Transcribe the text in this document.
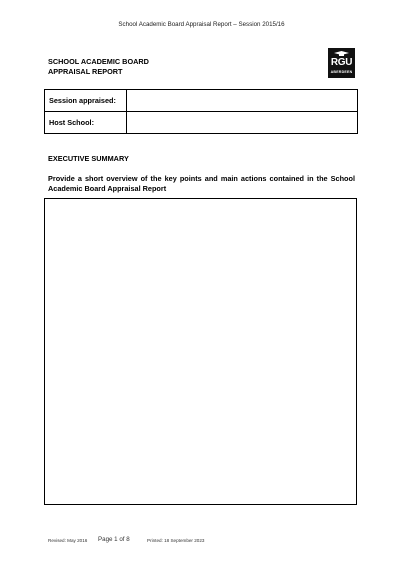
School Academic Board Appraisal Report – Session 2015/16
SCHOOL ACADEMIC BOARD
APPRAISAL REPORT
RGU
ABERDEEN
Session appraised:	
Host School:	
EXECUTIVE SUMMARY
Provide a short overview of the key points and main actions contained in the School Academic Board Appraisal Report
Revised: May 2016 Page 1 of 8	Printed: 18 September 2023
